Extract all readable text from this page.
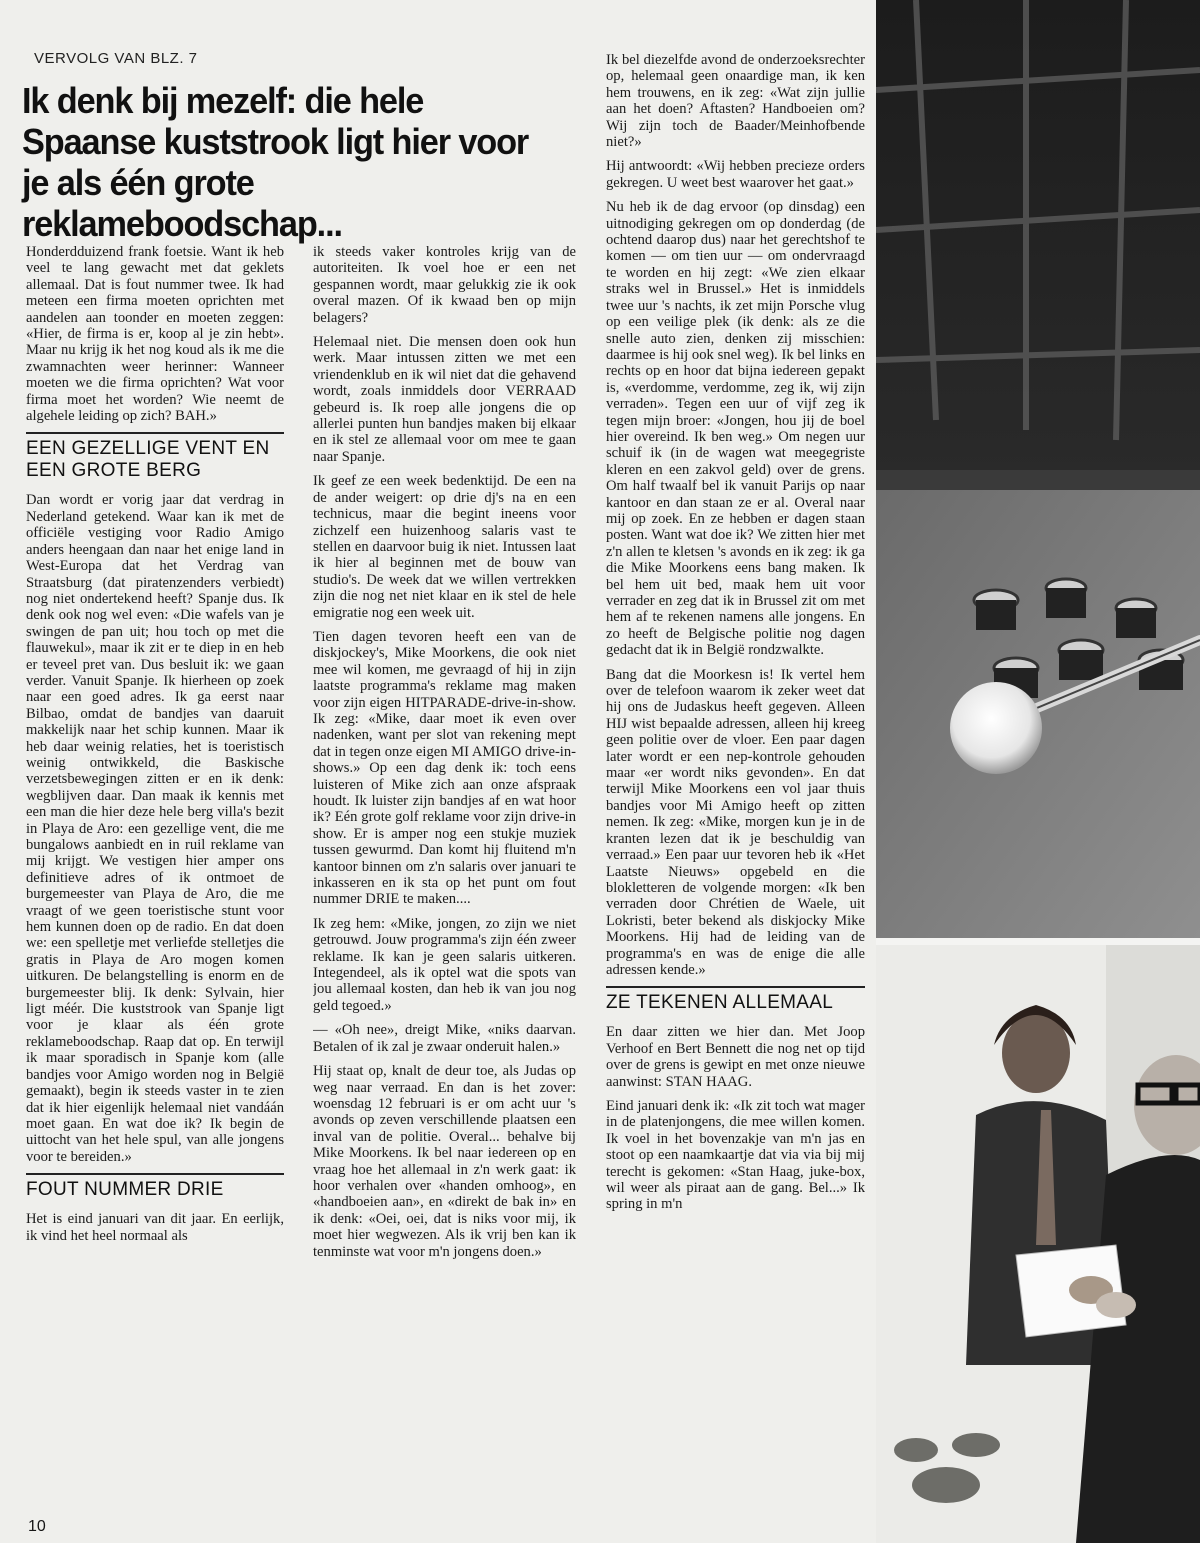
VERVOLG VAN BLZ. 7
Ik denk bij mezelf: die hele Spaanse kuststrook ligt hier voor je als één grote reklameboodschap...

Honderdduizend frank foetsie. Want ik heb veel te lang gewacht met dat geklets allemaal. Dat is fout nummer twee. Ik had meteen een firma moeten oprichten met aandelen aan toonder en moeten zeggen: «Hier, de firma is er, koop al je zin hebt». Maar nu krijg ik het nog koud als ik me die zwamnachten weer herinner: Wanneer moeten we die firma oprichten? Wat voor firma moet het worden? Wie neemt de algehele leiding op zich? BAH.»

EEN GEZELLIGE VENT EN EEN GROTE BERG

Dan wordt er vorig jaar dat verdrag in Nederland getekend. Waar kan ik met de officiële vestiging voor Radio Amigo anders heengaan dan naar het enige land in West-Europa dat het Verdrag van Straatsburg (dat piratenzenders verbiedt) nog niet ondertekend heeft? Spanje dus. Ik denk ook nog wel even: «Die wafels van je swingen de pan uit; hou toch op met die flauwekul», maar ik zit er te diep in en heb er teveel pret van. Dus besluit ik: we gaan verder. Vanuit Spanje. Ik hierheen op zoek naar een goed adres. Ik ga eerst naar Bilbao, omdat de bandjes van daaruit makkelijk naar het schip kunnen. Maar ik heb daar weinig relaties, het is toeristisch weinig ontwikkeld, die Baskische verzetsbewegingen zitten er en ik denk: wegblijven daar. Dan maak ik kennis met een man die hier deze hele berg villa's bezit in Playa de Aro: een gezellige vent, die me bungalows aanbiedt en in ruil reklame van mij krijgt. We vestigen hier amper ons definitieve adres of ik ontmoet de burgemeester van Playa de Aro, die me vraagt of we geen toeristische stunt voor hem kunnen doen op de radio. En dat doen we: een spelletje met verliefde stelletjes die gratis in Playa de Aro mogen komen uitkuren. De belangstelling is enorm en de burgemeester blij. Ik denk: Sylvain, hier ligt méér. Die kuststrook van Spanje ligt voor je klaar als één grote reklameboodschap. Raap dat op. En terwijl ik maar sporadisch in Spanje kom (alle bandjes voor Amigo worden nog in België gemaakt), begin ik steeds vaster in te zien dat ik hier eigenlijk helemaal niet vandáán moet gaan. En wat doe ik? Ik begin de uittocht van het hele spul, van alle jongens voor te bereiden.»

FOUT NUMMER DRIE

Het is eind januari van dit jaar. En eerlijk, ik vind het heel normaal als

ik steeds vaker kontroles krijg van de autoriteiten. Ik voel hoe er een net gespannen wordt, maar gelukkig zie ik ook overal mazen. Of ik kwaad ben op mijn belagers?

Helemaal niet. Die mensen doen ook hun werk. Maar intussen zitten we met een vriendenklub en ik wil niet dat die gehavend wordt, zoals inmiddels door VERRAAD gebeurd is. Ik roep alle jongens die op allerlei punten hun bandjes maken bij elkaar en ik stel ze allemaal voor om mee te gaan naar Spanje.

Ik geef ze een week bedenktijd. De een na de ander weigert: op drie dj's na en een technicus, maar die begint ineens voor zichzelf een huizenhoog salaris vast te stellen en daarvoor buig ik niet. Intussen laat ik hier al beginnen met de bouw van studio's. De week dat we willen vertrekken zijn die nog net niet klaar en ik stel de hele emigratie nog een week uit.

Tien dagen tevoren heeft een van de diskjockey's, Mike Moorkens, die ook niet mee wil komen, me gevraagd of hij in zijn laatste programma's reklame mag maken voor zijn eigen HITPARADE-drive-in-show. Ik zeg: «Mike, daar moet ik even over nadenken, want per slot van rekening mept dat in tegen onze eigen MI AMIGO drive-in-shows.» Op een dag denk ik: toch eens luisteren of Mike zich aan onze afspraak houdt. Ik luister zijn bandjes af en wat hoor ik? Eén grote golf reklame voor zijn drive-in show. Er is amper nog een stukje muziek tussen gewurmd. Dan komt hij fluitend m'n kantoor binnen om z'n salaris over januari te inkasseren en ik sta op het punt om fout nummer DRIE te maken....

Ik zeg hem: «Mike, jongen, zo zijn we niet getrouwd. Jouw programma's zijn één zweer reklame. Ik kan je geen salaris uitkeren. Integendeel, als ik optel wat die spots van jou allemaal kosten, dan heb ik van jou nog geld tegoed.»

— «Oh nee», dreigt Mike, «niks daarvan. Betalen of ik zal je zwaar onderuit halen.»

Hij staat op, knalt de deur toe, als Judas op weg naar verraad. En dan is het zover: woensdag 12 februari is er om acht uur 's avonds op zeven verschillende plaatsen een inval van de politie. Overal... behalve bij Mike Moorkens. Ik bel naar iedereen op en vraag hoe het allemaal in z'n werk gaat: ik hoor verhalen over «handen omhoog», en «handboeien aan», en «direkt de bak in» en ik denk: «Oei, oei, dat is niks voor mij, ik moet hier wegwezen. Als ik vrij ben kan ik tenminste wat voor m'n jongens doen.»

Ik bel diezelfde avond de onderzoeksrechter op, helemaal geen onaardige man, ik ken hem trouwens, en ik zeg: «Wat zijn jullie aan het doen? Aftasten? Handboeien om? Wij zijn toch de Baader/Meinhofbende niet?»

Hij antwoordt: «Wij hebben precieze orders gekregen. U weet best waarover het gaat.»

Nu heb ik de dag ervoor (op dinsdag) een uitnodiging gekregen om op donderdag (de ochtend daarop dus) naar het gerechtshof te komen — om tien uur — om ondervraagd te worden en hij zegt: «We zien elkaar straks wel in Brussel.» Het is inmiddels twee uur 's nachts, ik zet mijn Porsche vlug op een veilige plek (ik denk: als ze die snelle auto zien, denken zij misschien: daarmee is hij ook snel weg). Ik bel links en rechts op en hoor dat bijna iedereen gepakt is, «verdomme, verdomme, zeg ik, wij zijn verraden». Tegen een uur of vijf zeg ik tegen mijn broer: «Jongen, hou jij de boel hier overeind. Ik ben weg.» Om negen uur schuif ik (in de wagen wat meegegriste kleren en een zakvol geld) over de grens. Om half twaalf bel ik vanuit Parijs op naar kantoor en dan staan ze er al. Overal naar mij op zoek. En ze hebben er dagen staan posten. Want wat doe ik? We zitten hier met z'n allen te kletsen 's avonds en ik zeg: ik ga die Mike Moorkens eens bang maken. Ik bel hem uit bed, maak hem uit voor verrader en zeg dat ik in Brussel zit om met hem af te rekenen namens alle jongens. En zo heeft de Belgische politie nog dagen gedacht dat ik in België rondzwalkte.

Bang dat die Moorkesn is! Ik vertel hem over de telefoon waarom ik zeker weet dat hij ons de Judaskus heeft gegeven. Alleen HIJ wist bepaalde adressen, alleen hij kreeg geen politie over de vloer. Een paar dagen later wordt er een nep-kontrole gehouden maar «er wordt niks gevonden». En dat terwijl Mike Moorkens een vol jaar thuis bandjes voor Mi Amigo heeft op zitten nemen. Ik zeg: «Mike, morgen kun je in de kranten lezen dat ik je beschuldig van verraad.» Een paar uur tevoren heb ik «Het Laatste Nieuws» opgebeld en die blokletteren de volgende morgen: «Ik ben verraden door Chrétien de Waele, uit Lokristi, beter bekend als diskjocky Mike Moorkens. Hij had de leiding van de programma's en was de enige die alle adressen kende.»

ZE TEKENEN ALLEMAAL

En daar zitten we hier dan. Met Joop Verhoof en Bert Bennett die nog net op tijd over de grens is gewipt en met onze nieuwe aanwinst: STAN HAAG.

Eind januari denk ik: «Ik zit toch wat mager in de platenjongens, die mee willen komen. Ik voel in het bovenzakje van m'n jas en stoot op een naamkaartje dat via via bij mij terecht is gekomen: «Stan Haag, juke-box, wil weer als piraat aan de gang. Bel...» Ik spring in m'n

10
